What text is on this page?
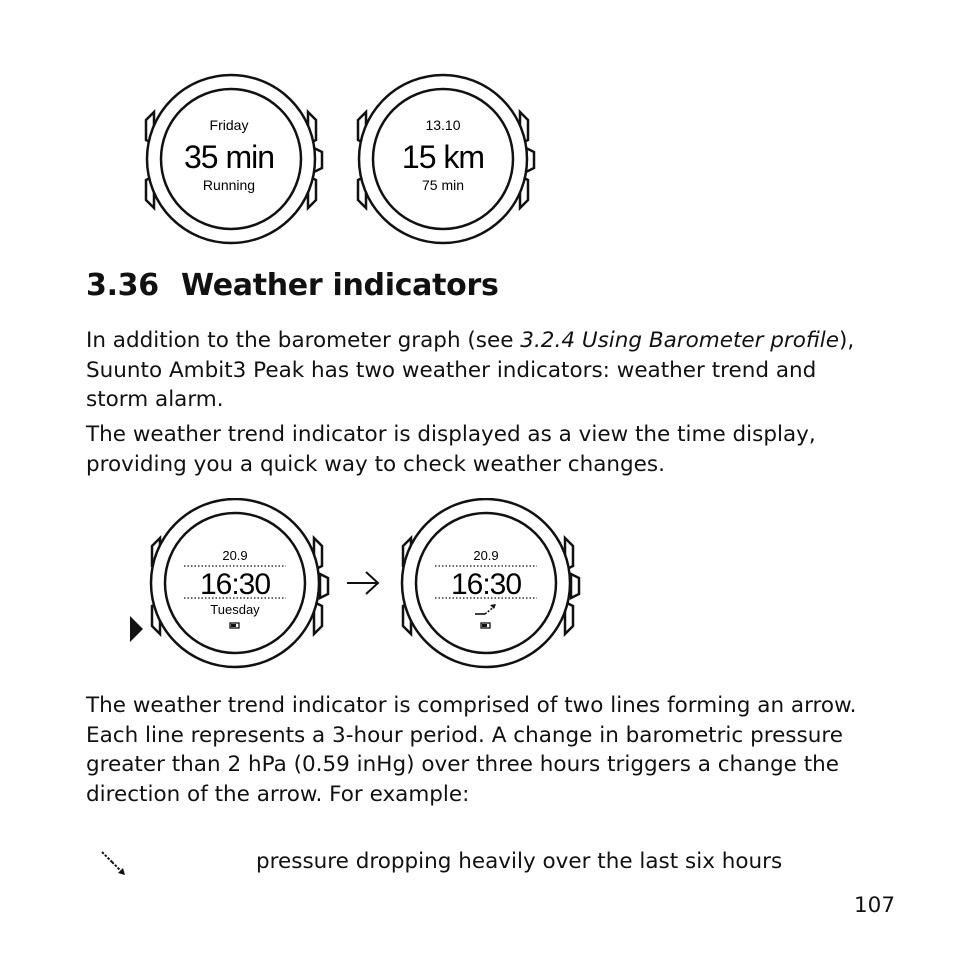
Friday
35 min
Running
13.10
15 km
75 min
3.36 Weather indicators

In addition to the barometer graph (see 3.2.4 Using Barometer profile), Suunto Ambit3 Peak has two weather indicators: weather trend and storm alarm.

The weather trend indicator is displayed as a view the time display, providing you a quick way to check weather changes.

20.9
16:30
Tuesday
20.9
16:30

The weather trend indicator is comprised of two lines forming an arrow. Each line represents a 3-hour period. A change in barometric pressure greater than 2 hPa (0.59 inHg) over three hours triggers a change the direction of the arrow. For example:

pressure dropping heavily over the last six hours
107
